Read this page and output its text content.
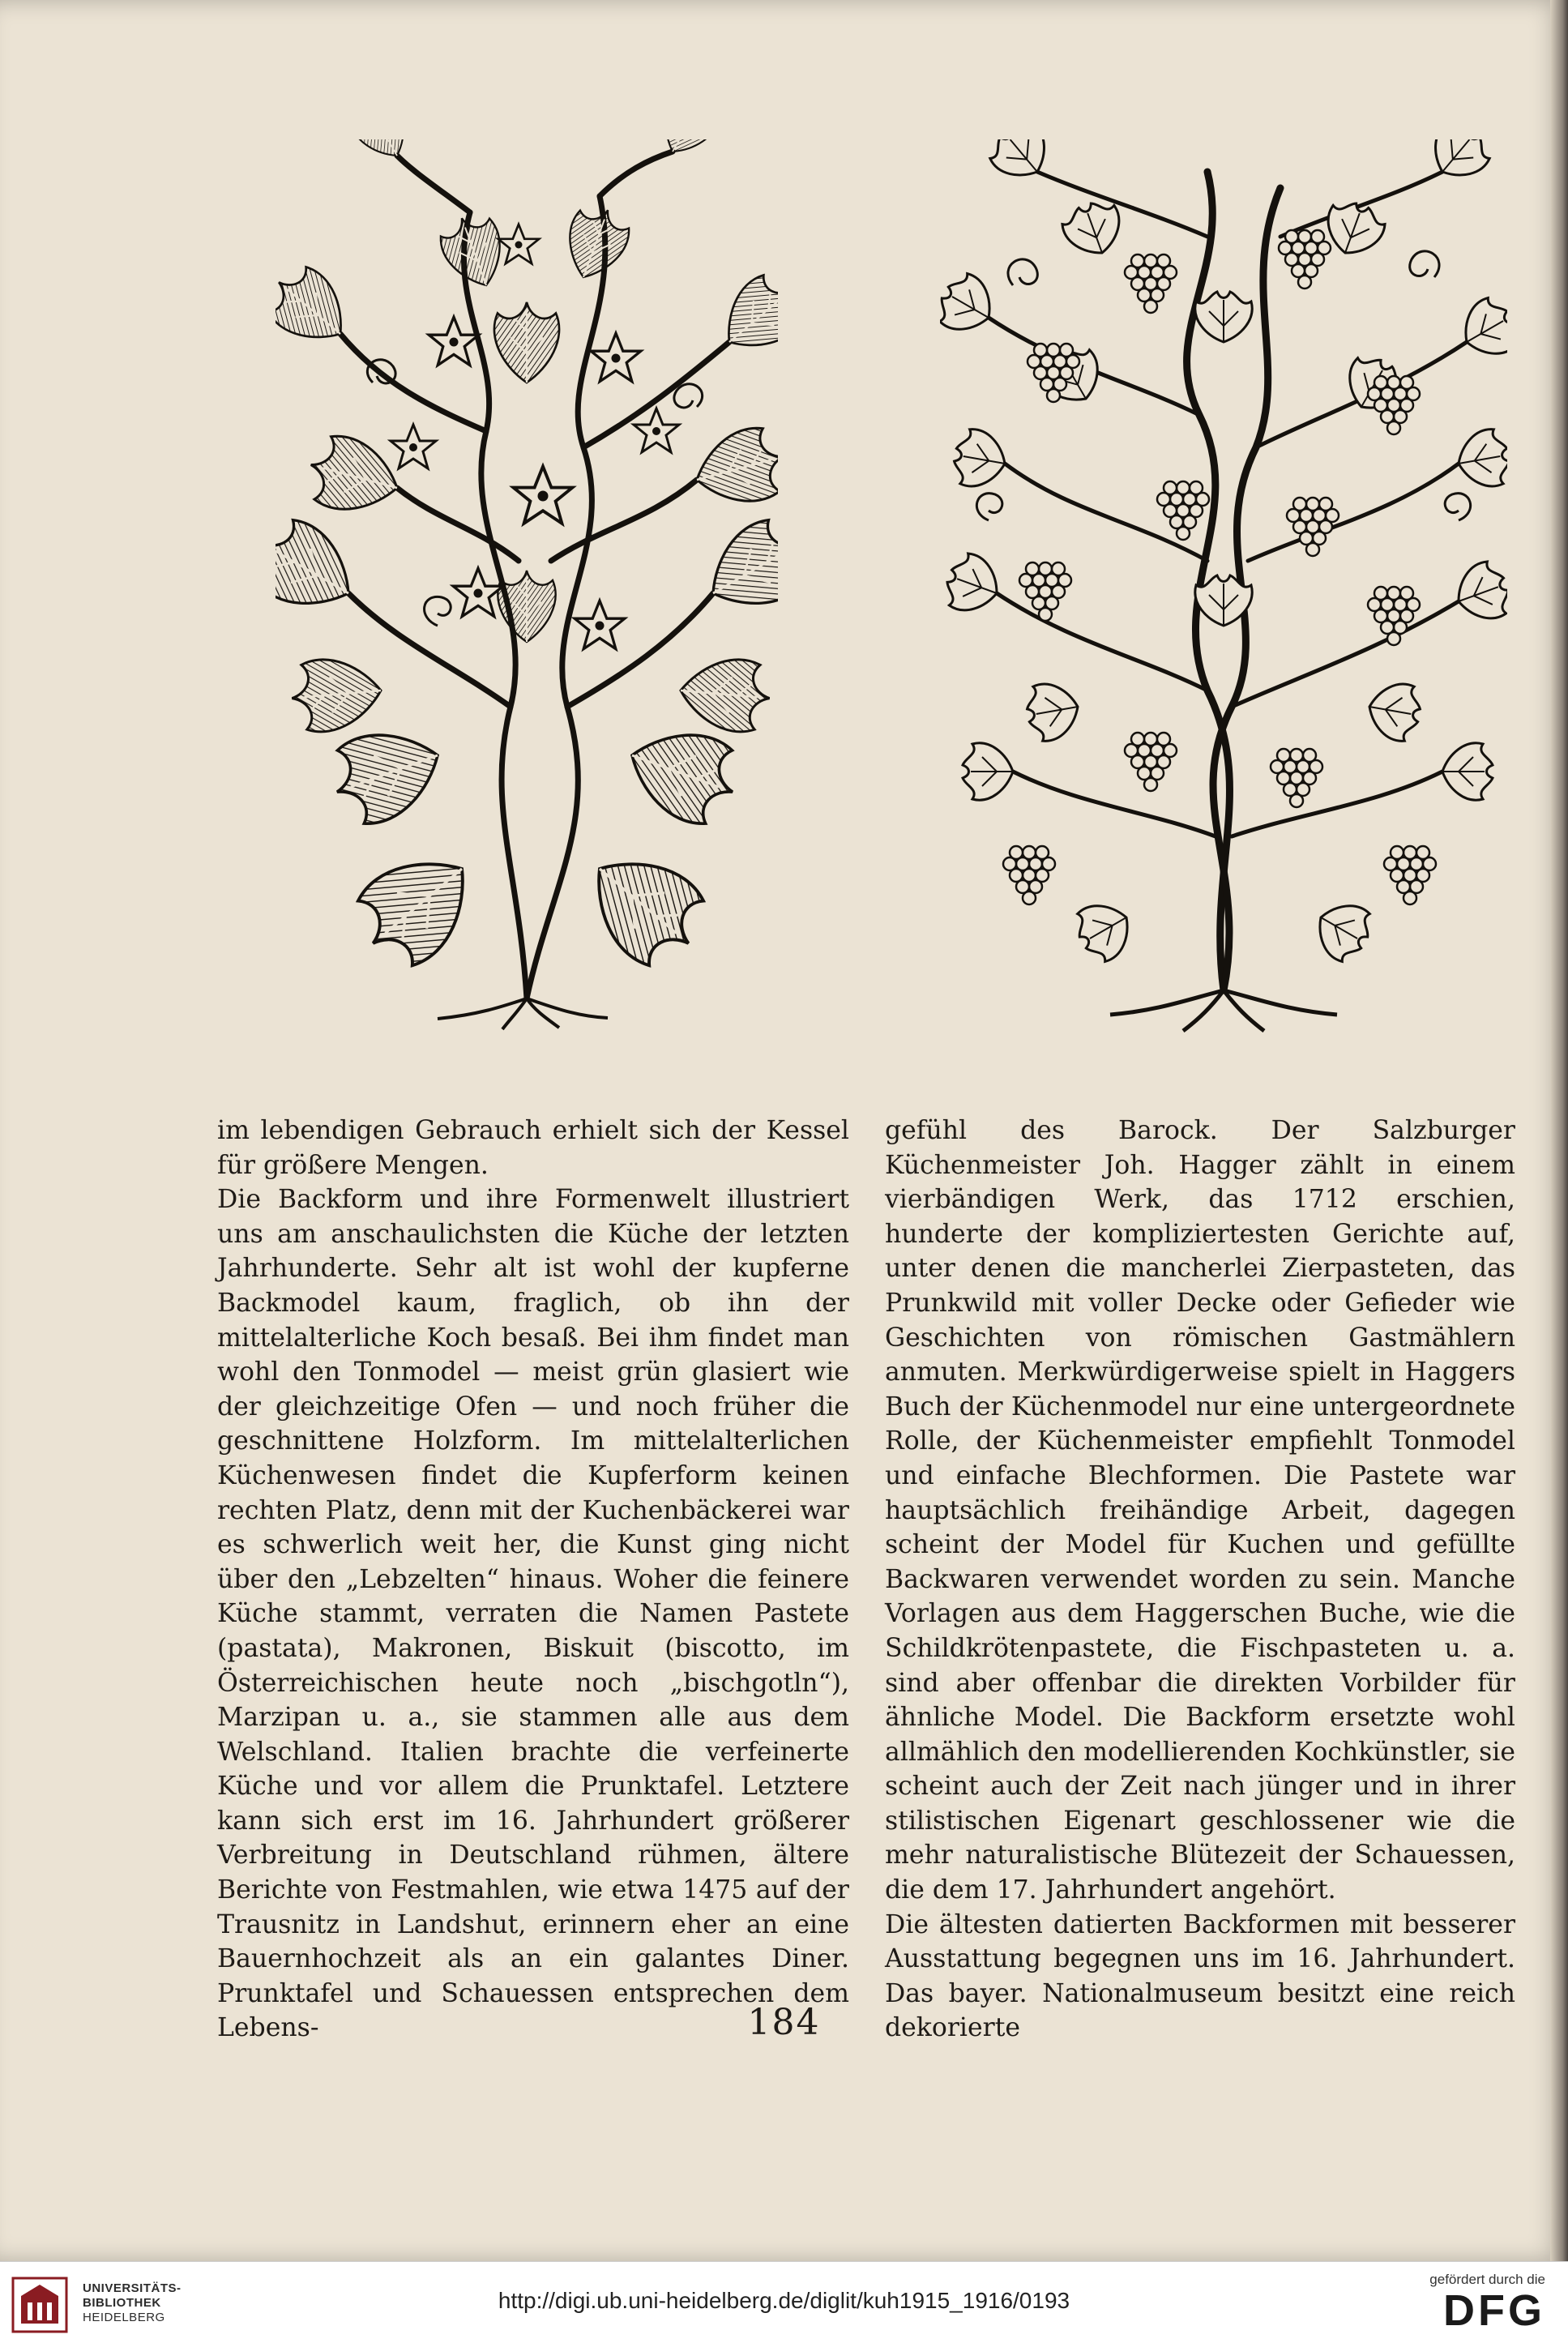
im lebendigen Gebrauch erhielt sich der Kessel für größere Mengen.

Die Backform und ihre Formenwelt illustriert uns am anschaulichsten die Küche der letzten Jahrhunderte. Sehr alt ist wohl der kupferne Backmodel kaum, fraglich, ob ihn der mittelalterliche Koch besaß. Bei ihm findet man wohl den Tonmodel — meist grün glasiert wie der gleichzeitige Ofen — und noch früher die geschnittene Holzform. Im mittelalterlichen Küchenwesen findet die Kupferform keinen rechten Platz, denn mit der Kuchenbäckerei war es schwerlich weit her, die Kunst ging nicht über den „Lebzelten“ hinaus. Woher die feinere Küche stammt, verraten die Namen Pastete (pastata), Makronen, Biskuit (biscotto, im Österreichischen heute noch „bischgotln“), Marzipan u. a., sie stammen alle aus dem Welschland. Italien brachte die verfeinerte Küche und vor allem die Prunktafel. Letztere kann sich erst im 16. Jahrhundert größerer Verbreitung in Deutschland rühmen, ältere Berichte von Festmahlen, wie etwa 1475 auf der Trausnitz in Landshut, erinnern eher an eine Bauernhochzeit als an ein galantes Diner. Prunktafel und Schauessen entsprechen dem Lebens-

gefühl des Barock. Der Salzburger Küchenmeister Joh. Hagger zählt in einem vierbändigen Werk, das 1712 erschien, hunderte der kompliziertesten Gerichte auf, unter denen die mancherlei Zierpasteten, das Prunkwild mit voller Decke oder Gefieder wie Geschichten von römischen Gastmählern anmuten. Merkwürdigerweise spielt in Haggers Buch der Küchenmodel nur eine untergeordnete Rolle, der Küchenmeister empfiehlt Tonmodel und einfache Blechformen. Die Pastete war hauptsächlich freihändige Arbeit, dagegen scheint der Model für Kuchen und gefüllte Backwaren verwendet worden zu sein. Manche Vorlagen aus dem Haggerschen Buche, wie die Schildkrötenpastete, die Fischpasteten u. a. sind aber offenbar die direkten Vorbilder für ähnliche Model. Die Backform ersetzte wohl allmählich den modellierenden Kochkünstler, sie scheint auch der Zeit nach jünger und in ihrer stilistischen Eigenart geschlossener wie die mehr naturalistische Blütezeit der Schauessen, die dem 17. Jahrhundert angehört.

Die ältesten datierten Backformen mit besserer Ausstattung begegnen uns im 16. Jahrhundert. Das bayer. Nationalmuseum besitzt eine reich dekorierte

184
UNIVERSITÄTS-
BIBLIOTHEK
HEIDELBERG
http://digi.ub.uni-heidelberg.de/diglit/kuh1915_1916/0193
gefördert durch die
DFG
